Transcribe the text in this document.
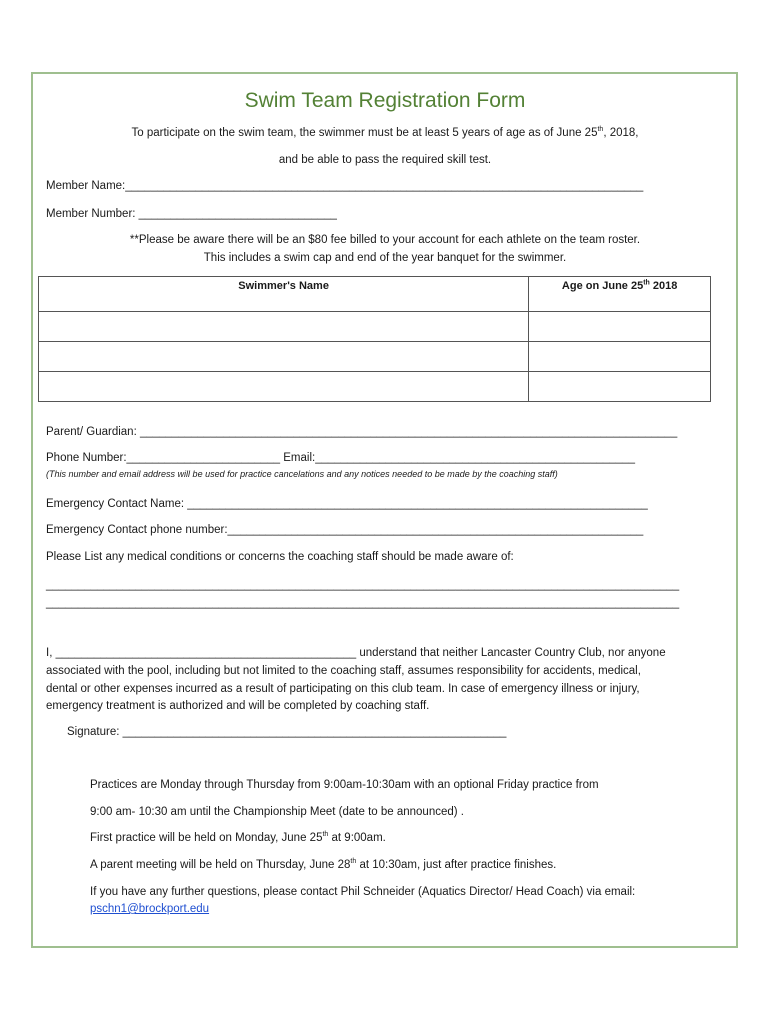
Swim Team Registration Form
To participate on the swim team, the swimmer must be at least 5 years of age as of June 25th, 2018,
and be able to pass the required skill test.
Member Name:_________________________________________________________________________________
Member Number: _______________________________
**Please be aware there will be an $80 fee billed to your account for each athlete on the team roster.
This includes a swim cap and end of the year banquet for the swimmer.
Swimmer's Name	Age on June 25th 2018

Parent/ Guardian: ____________________________________________________________________________________
Phone Number:________________________ Email:__________________________________________________
(This number and email address will be used for practice cancelations and any notices needed to be made by the coaching staff)
Emergency Contact Name: ________________________________________________________________________
Emergency Contact phone number:_________________________________________________________________
Please List any medical conditions or concerns the coaching staff should be made aware of:
___________________________________________________________________________________________________
___________________________________________________________________________________________________
I, _______________________________________________ understand that neither Lancaster Country Club, nor anyone
associated with the pool, including but not limited to the coaching staff, assumes responsibility for accidents, medical,
dental or other expenses incurred as a result of participating on this club team. In case of emergency illness or injury,
emergency treatment is authorized and will be completed by coaching staff.
Signature: ____________________________________________________________
Practices are Monday through Thursday from 9:00am-10:30am with an optional Friday practice from
9:00 am- 10:30 am until the Championship Meet (date to be announced) .
First practice will be held on Monday, June 25th at 9:00am.
A parent meeting will be held on Thursday, June 28th at 10:30am, just after practice finishes.
If you have any further questions, please contact Phil Schneider (Aquatics Director/ Head Coach) via email:
pschn1@brockport.edu
